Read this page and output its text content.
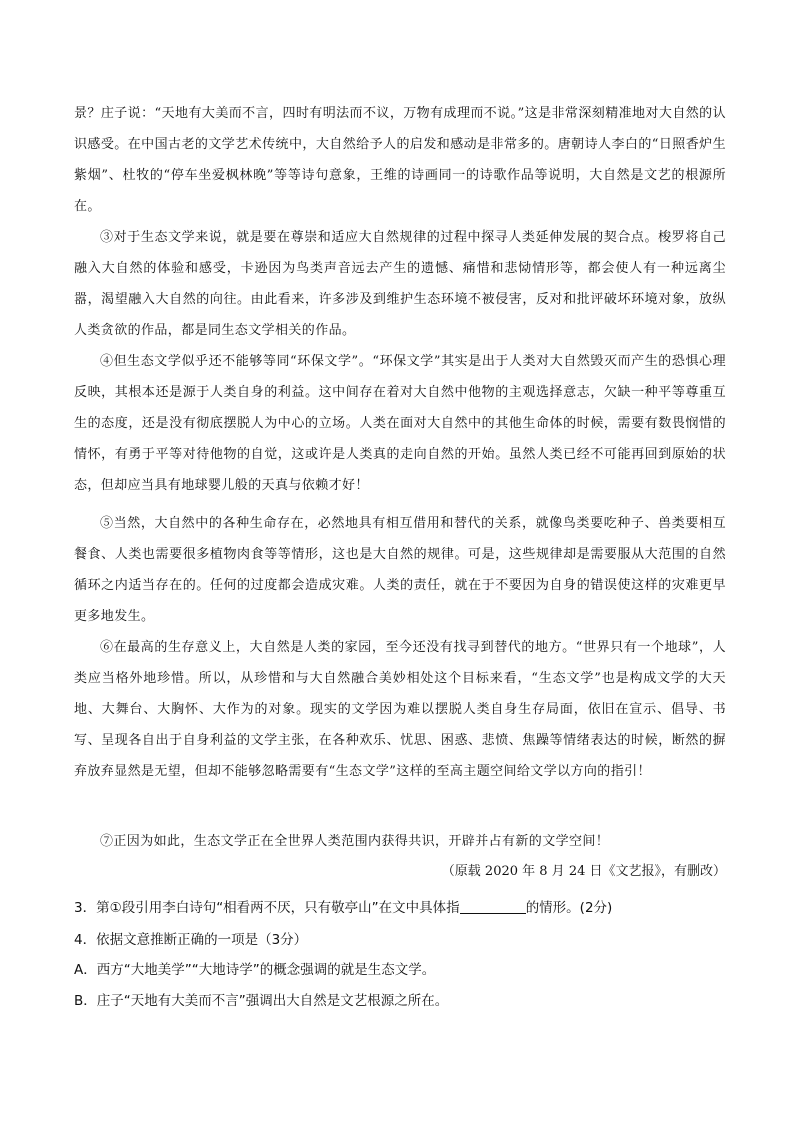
景？庄子说：“天地有大美而不言，四时有明法而不议，万物有成理而不说。”这是非常深刻精准地对大自然的认识感受。在中国古老的文学艺术传统中，大自然给予人的启发和感动是非常多的。唐朝诗人李白的“日照香炉生紫烟”、杜牧的“停车坐爱枫林晚”等等诗句意象，王维的诗画同一的诗歌作品等说明，大自然是文艺的根源所在。

③对于生态文学来说，就是要在尊崇和适应大自然规律的过程中探寻人类延伸发展的契合点。梭罗将自己融入大自然的体验和感受，卡逊因为鸟类声音远去产生的遗憾、痛惜和悲恸情形等，都会使人有一种远离尘嚣，渴望融入大自然的向往。由此看来，许多涉及到维护生态环境不被侵害，反对和批评破坏环境对象，放纵人类贪欲的作品，都是同生态文学相关的作品。

④但生态文学似乎还不能够等同“环保文学”。“环保文学”其实是出于人类对大自然毁灭而产生的恐惧心理反映，其根本还是源于人类自身的利益。这中间存在着对大自然中他物的主观选择意志，欠缺一种平等尊重互生的态度，还是没有彻底摆脱人为中心的立场。人类在面对大自然中的其他生命体的时候，需要有数畏悯惜的情怀，有勇于平等对待他物的自觉，这或许是人类真的走向自然的开始。虽然人类已经不可能再回到原始的状态，但却应当具有地球婴儿般的天真与依赖才好！

⑤当然，大自然中的各种生命存在，必然地具有相互借用和替代的关系，就像鸟类要吃种子、兽类要相互餐食、人类也需要很多植物肉食等等情形，这也是大自然的规律。可是，这些规律却是需要服从大范围的自然循环之内适当存在的。任何的过度都会造成灾难。人类的责任，就在于不要因为自身的错误使这样的灾难更早更多地发生。

⑥在最高的生存意义上，大自然是人类的家园，至今还没有找寻到替代的地方。“世界只有一个地球”，人类应当格外地珍惜。所以，从珍惜和与大自然融合美妙相处这个目标来看，“生态文学”也是构成文学的大天地、大舞台、大胸怀、大作为的对象。现实的文学因为难以摆脱人类自身生存局面，依旧在宣示、倡导、书写、呈现各自出于自身利益的文学主张，在各种欢乐、忧思、困惑、悲愤、焦躁等情绪表达的时候，断然的摒弃放弃显然是无望，但却不能够忽略需要有“生态文学”这样的至高主题空间给文学以方向的指引！

⑦正因为如此，生态文学正在全世界人类范围内获得共识，开辟并占有新的文学空间！

（原载 2020 年 8 月 24 日《文艺报》，有删改）

3．第①段引用李白诗句“相看两不厌，只有敬亭山”在文中具体指	的情形。(2分)

4．依据文意推断正确的一项是（3分）

A．西方“大地美学”“大地诗学”的概念强调的就是生态文学。

B．庄子“天地有大美而不言”强调出大自然是文艺根源之所在。
